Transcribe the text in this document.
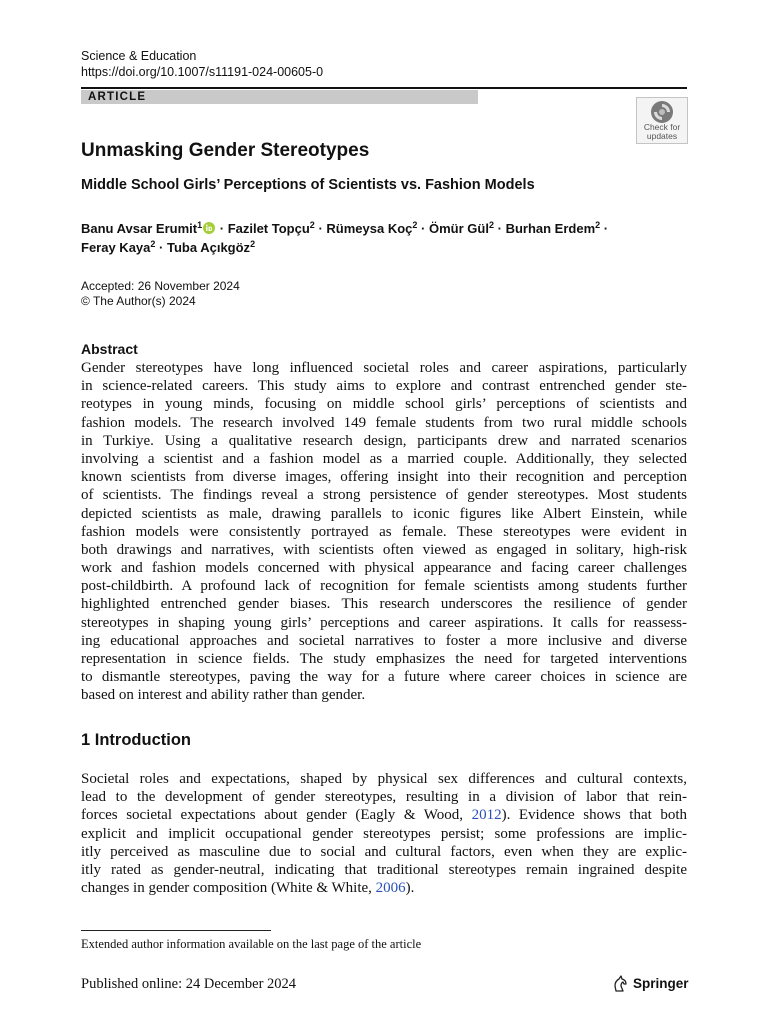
Science & Education
https://doi.org/10.1007/s11191-024-00605-0
ARTICLE
Check for
updates
Unmasking Gender Stereotypes
Middle School Girls’ Perceptions of Scientists vs. Fashion Models
Banu Avsar Erumit$^1$ · Fazilet Topçu$^2$ · Rümeysa Koç$^2$ · Ömür Gül$^2$ · Burhan Erdem$^2$ ·
Feray Kaya$^2$ · Tuba Açıkgöz$^2$
Accepted: 26 November 2024
© The Author(s) 2024
Abstract
Gender stereotypes have long influenced societal roles and career aspirations, particularly
in science-related careers. This study aims to explore and contrast entrenched gender ste-
reotypes in young minds, focusing on middle school girls’ perceptions of scientists and
fashion models. The research involved 149 female students from two rural middle schools
in Turkiye. Using a qualitative research design, participants drew and narrated scenarios
involving a scientist and a fashion model as a married couple. Additionally, they selected
known scientists from diverse images, offering insight into their recognition and perception
of scientists. The findings reveal a strong persistence of gender stereotypes. Most students
depicted scientists as male, drawing parallels to iconic figures like Albert Einstein, while
fashion models were consistently portrayed as female. These stereotypes were evident in
both drawings and narratives, with scientists often viewed as engaged in solitary, high-risk
work and fashion models concerned with physical appearance and facing career challenges
post-childbirth. A profound lack of recognition for female scientists among students further
highlighted entrenched gender biases. This research underscores the resilience of gender
stereotypes in shaping young girls’ perceptions and career aspirations. It calls for reassess-
ing educational approaches and societal narratives to foster a more inclusive and diverse
representation in science fields. The study emphasizes the need for targeted interventions
to dismantle stereotypes, paving the way for a future where career choices in science are
based on interest and ability rather than gender.
1 Introduction
Societal roles and expectations, shaped by physical sex differences and cultural contexts,
lead to the development of gender stereotypes, resulting in a division of labor that rein-
forces societal expectations about gender (Eagly & Wood, 2012). Evidence shows that both
explicit and implicit occupational gender stereotypes persist; some professions are implic-
itly perceived as masculine due to social and cultural factors, even when they are explic-
itly rated as gender-neutral, indicating that traditional stereotypes remain ingrained despite
changes in gender composition (White & White, 2006).
Extended author information available on the last page of the article
Published online: 24 December 2024	Springer
